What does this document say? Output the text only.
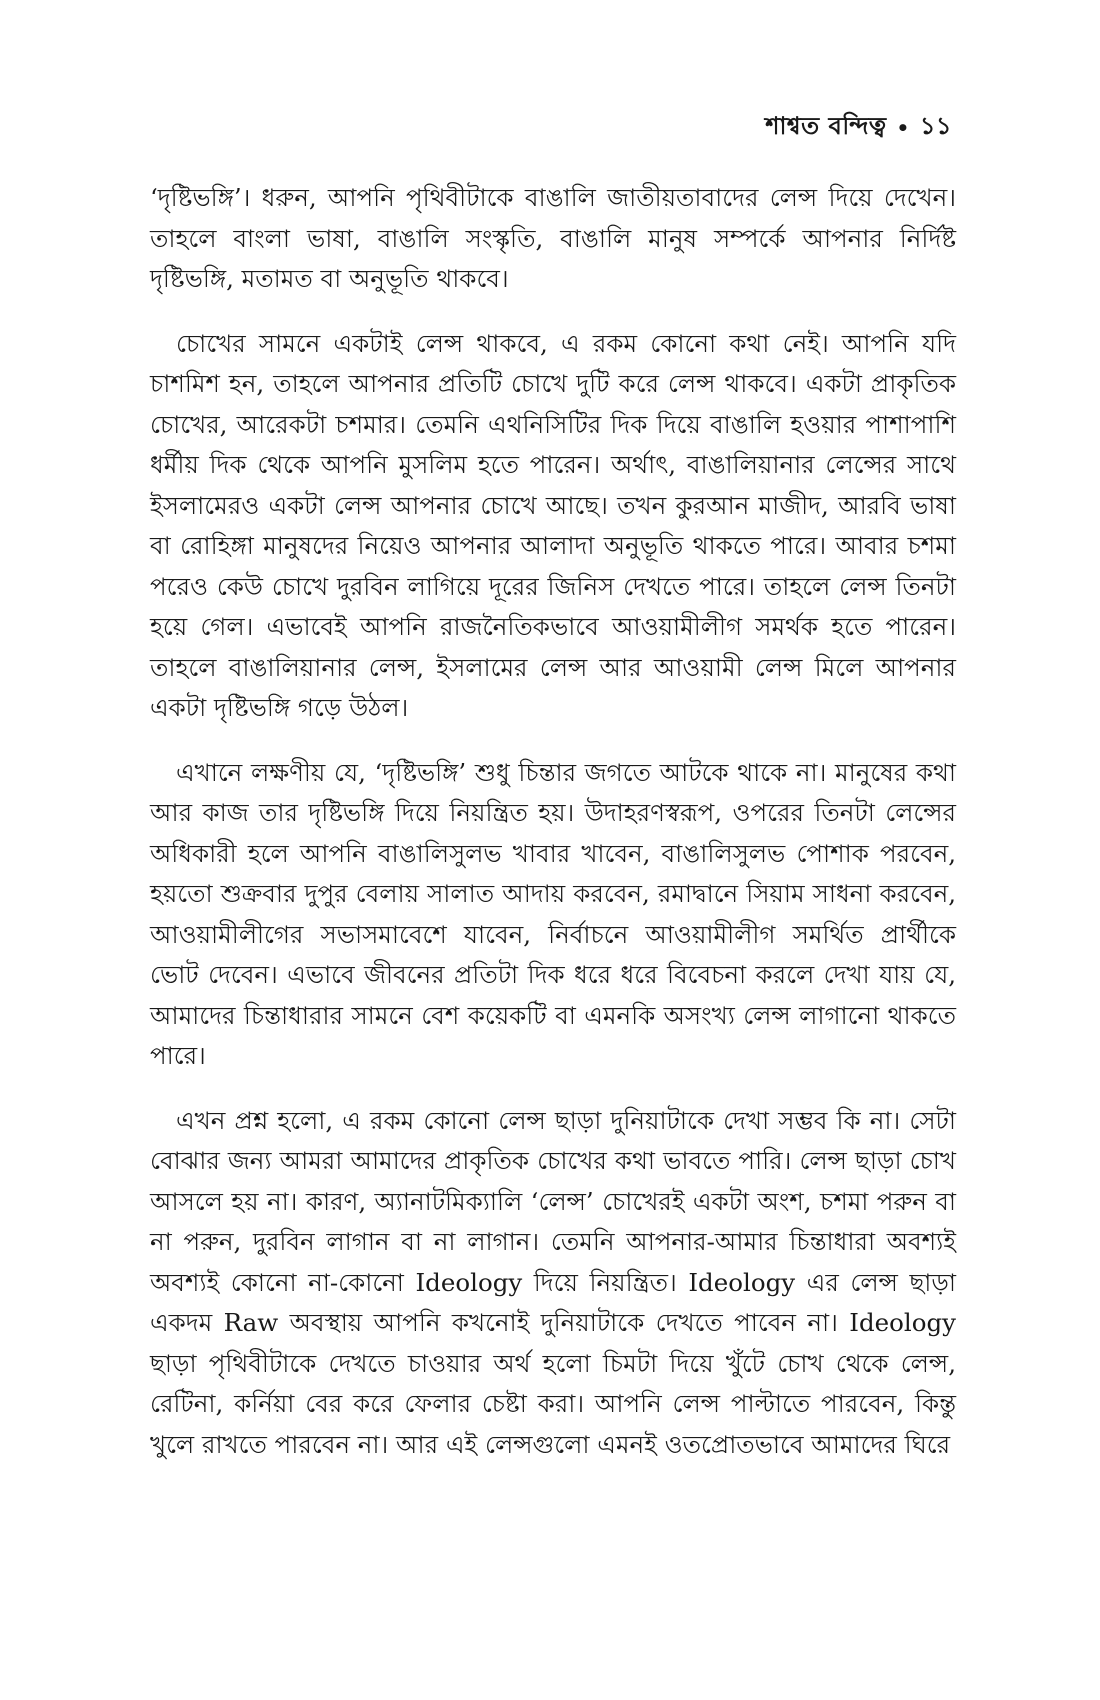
শাশ্বত বন্দিত্ব • ১১

‘দৃষ্টিভঙ্গি’। ধরুন, আপনি পৃথিবীটাকে বাঙালি জাতীয়তাবাদের লেন্স দিয়ে দেখেন। তাহলে বাংলা ভাষা, বাঙালি সংস্কৃতি, বাঙালি মানুষ সম্পর্কে আপনার নির্দিষ্ট দৃষ্টিভঙ্গি, মতামত বা অনুভূতি থাকবে।

চোখের সামনে একটাই লেন্স থাকবে, এ রকম কোনো কথা নেই। আপনি যদি চাশমিশ হন, তাহলে আপনার প্রতিটি চোখে দুটি করে লেন্স থাকবে। একটা প্রাকৃতিক চোখের, আরেকটা চশমার। তেমনি এথনিসিটির দিক দিয়ে বাঙালি হওয়ার পাশাপাশি ধর্মীয় দিক থেকে আপনি মুসলিম হতে পারেন। অর্থাৎ, বাঙালিয়ানার লেন্সের সাথে ইসলামেরও একটা লেন্স আপনার চোখে আছে। তখন কুরআন মাজীদ, আরবি ভাষা বা রোহিঙ্গা মানুষদের নিয়েও আপনার আলাদা অনুভূতি থাকতে পারে। আবার চশমা পরেও কেউ চোখে দুরবিন লাগিয়ে দূরের জিনিস দেখতে পারে। তাহলে লেন্স তিনটা হয়ে গেল। এভাবেই আপনি রাজনৈতিকভাবে আওয়ামীলীগ সমর্থক হতে পারেন। তাহলে বাঙালিয়ানার লেন্স, ইসলামের লেন্স আর আওয়ামী লেন্স মিলে আপনার একটা দৃষ্টিভঙ্গি গড়ে উঠল।

এখানে লক্ষণীয় যে, ‘দৃষ্টিভঙ্গি’ শুধু চিন্তার জগতে আটকে থাকে না। মানুষের কথা আর কাজ তার দৃষ্টিভঙ্গি দিয়ে নিয়ন্ত্রিত হয়। উদাহরণস্বরূপ, ওপরের তিনটা লেন্সের অধিকারী হলে আপনি বাঙালিসুলভ খাবার খাবেন, বাঙালিসুলভ পোশাক পরবেন, হয়তো শুক্রবার দুপুর বেলায় সালাত আদায় করবেন, রমাদ্বানে সিয়াম সাধনা করবেন, আওয়ামীলীগের সভাসমাবেশে যাবেন, নির্বাচনে আওয়ামীলীগ সমর্থিত প্রার্থীকে ভোট দেবেন। এভাবে জীবনের প্রতিটা দিক ধরে ধরে বিবেচনা করলে দেখা যায় যে, আমাদের চিন্তাধারার সামনে বেশ কয়েকটি বা এমনকি অসংখ্য লেন্স লাগানো থাকতে পারে।

এখন প্রশ্ন হলো, এ রকম কোনো লেন্স ছাড়া দুনিয়াটাকে দেখা সম্ভব কি না। সেটা বোঝার জন্য আমরা আমাদের প্রাকৃতিক চোখের কথা ভাবতে পারি। লেন্স ছাড়া চোখ আসলে হয় না। কারণ, অ্যানাটমিক্যালি ‘লেন্স’ চোখেরই একটা অংশ, চশমা পরুন বা না পরুন, দুরবিন লাগান বা না লাগান। তেমনি আপনার-আমার চিন্তাধারা অবশ্যই অবশ্যই কোনো না-কোনো Ideology দিয়ে নিয়ন্ত্রিত। Ideology এর লেন্স ছাড়া একদম Raw অবস্থায় আপনি কখনোই দুনিয়াটাকে দেখতে পাবেন না। Ideology ছাড়া পৃথিবীটাকে দেখতে চাওয়ার অর্থ হলো চিমটা দিয়ে খুঁটে চোখ থেকে লেন্স, রেটিনা, কর্নিয়া বের করে ফেলার চেষ্টা করা। আপনি লেন্স পাল্টাতে পারবেন, কিন্তু খুলে রাখতে পারবেন না। আর এই লেন্সগুলো এমনই ওতপ্রোতভাবে আমাদের ঘিরে
